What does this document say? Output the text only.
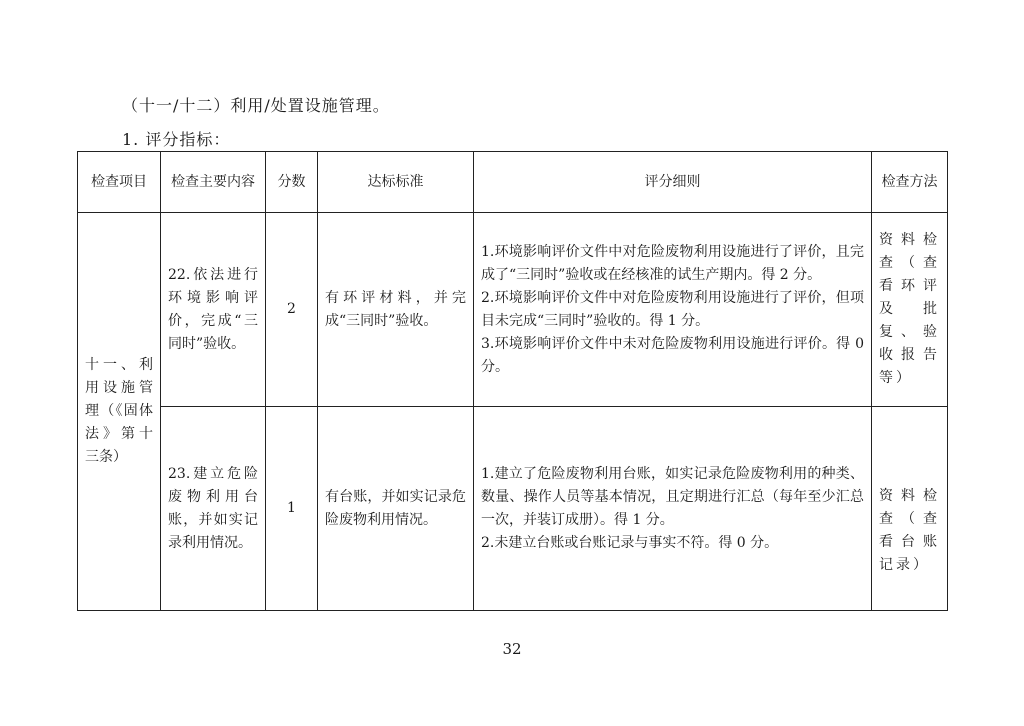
（十一/十二）利用/处置设施管理。
1. 评分指标：
检查项目	检查主要内容	分数	达标标准	评分细则	检查方法
十一、利用设施管理（《固体法》第十三条）	22.依法进行环境影响评价，完成“三同时”验收。	2	有环评材料，并完成“三同时”验收。	1.环境影响评价文件中对危险废物利用设施进行了评价，且完成了“三同时”验收或在经核准的试生产期内。得 2 分。
2.环境影响评价文件中对危险废物利用设施进行了评价，但项目未完成“三同时”验收的。得 1 分。
3.环境影响评价文件中未对危险废物利用设施进行评价。得 0 分。	资料检查（查看环评及批复、验收报告等）
	23.建立危险废物利用台账，并如实记录利用情况。	1	有台账，并如实记录危险废物利用情况。	1.建立了危险废物利用台账，如实记录危险废物利用的种类、数量、操作人员等基本情况，且定期进行汇总（每年至少汇总一次，并装订成册）。得 1 分。
2.未建立台账或台账记录与事实不符。得 0 分。	资料检查（查看台账记录）
32
